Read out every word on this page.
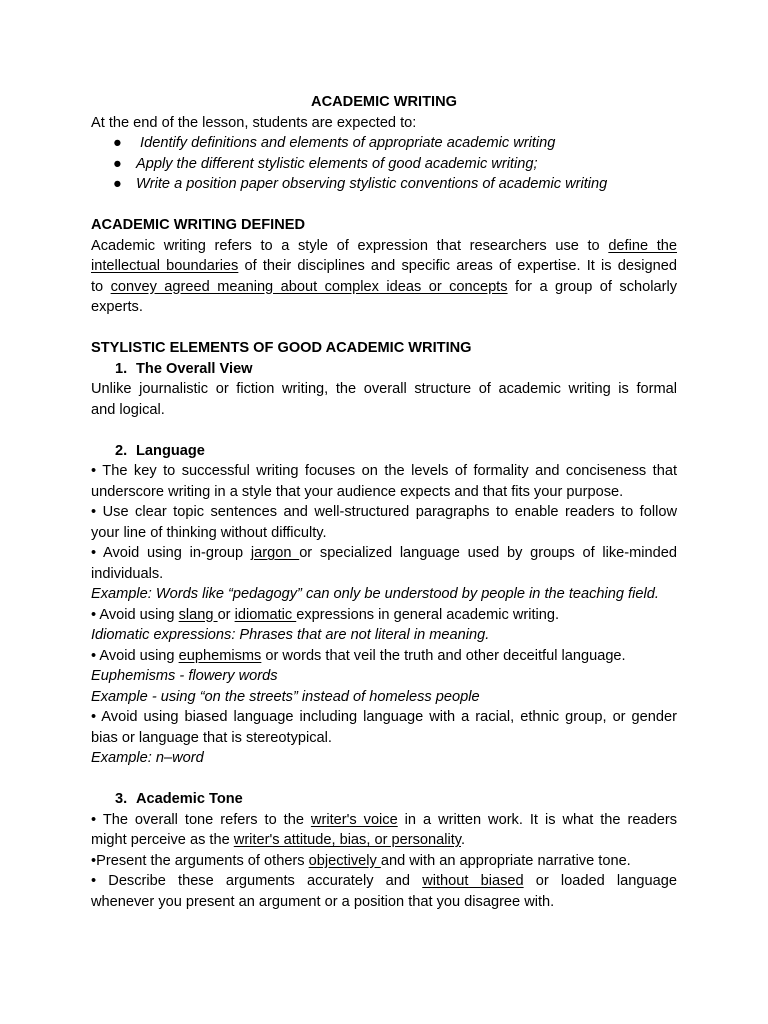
ACADEMIC WRITING
At the end of the lesson, students are expected to:
● Identify definitions and elements of appropriate academic writing
● Apply the different stylistic elements of good academic writing;
● Write a position paper observing stylistic conventions of academic writing
ACADEMIC WRITING DEFINED
Academic writing refers to a style of expression that researchers use to define the
intellectual boundaries of their disciplines and specific areas of expertise. It is designed
to convey agreed meaning about complex ideas or concepts for a group of scholarly
experts.
STYLISTIC ELEMENTS OF GOOD ACADEMIC WRITING
1. The Overall View
Unlike journalistic or fiction writing, the overall structure of academic writing is formal
and logical.
2. Language
• The key to successful writing focuses on the levels of formality and conciseness that
underscore writing in a style that your audience expects and that fits your purpose.
• Use clear topic sentences and well-structured paragraphs to enable readers to follow
your line of thinking without difficulty.
• Avoid using in-group jargon or specialized language used by groups of like-minded
individuals.
Example: Words like “pedagogy” can only be understood by people in the teaching field.
• Avoid using slang or idiomatic expressions in general academic writing.
Idiomatic expressions: Phrases that are not literal in meaning.
• Avoid using euphemisms or words that veil the truth and other deceitful language.
Euphemisms - flowery words
Example - using “on the streets” instead of homeless people
• Avoid using biased language including language with a racial, ethnic group, or gender
bias or language that is stereotypical.
Example: n–word
3. Academic Tone
• The overall tone refers to the writer's voice in a written work. It is what the readers
might perceive as the writer's attitude, bias, or personality.
•Present the arguments of others objectively and with an appropriate narrative tone.
• Describe these arguments accurately and without biased or loaded language
whenever you present an argument or a position that you disagree with.
